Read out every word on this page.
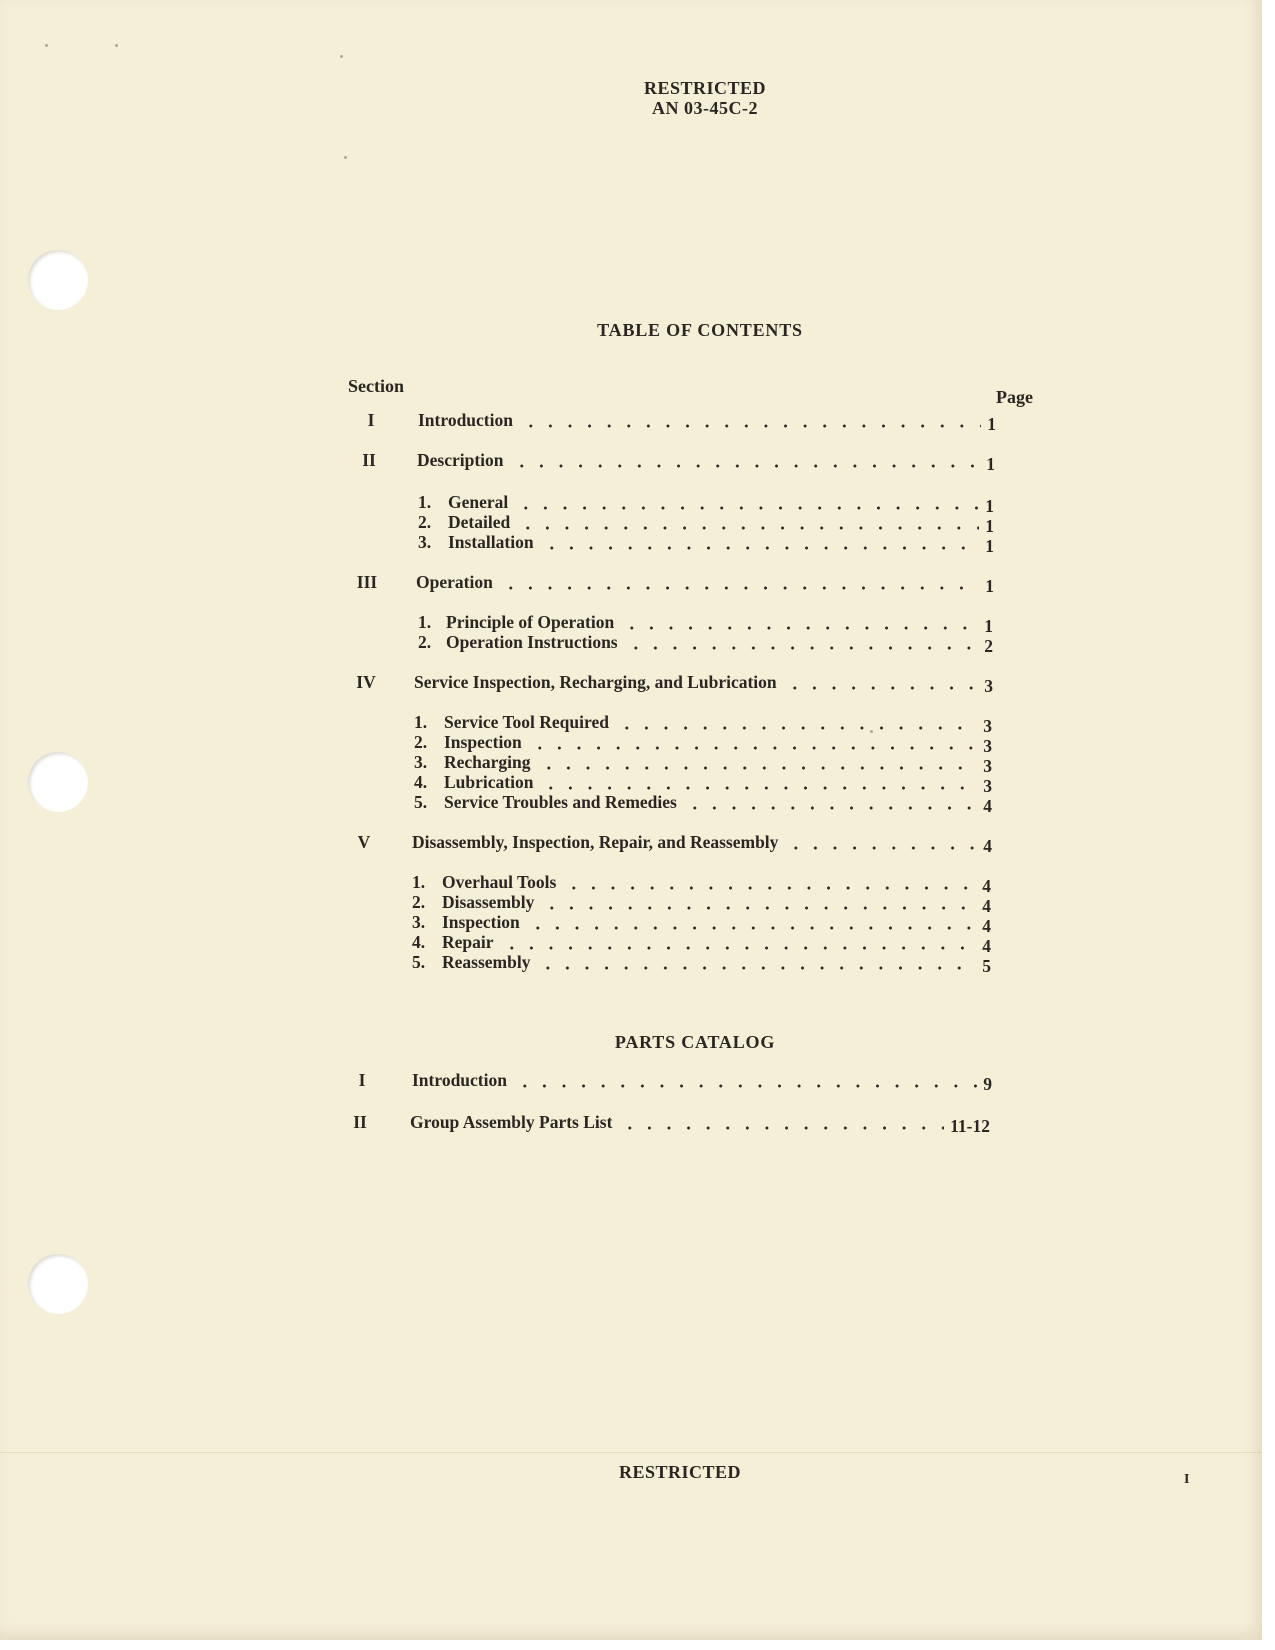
RESTRICTED
AN 03-45C-2
TABLE OF CONTENTS
Section
Page
I	Introduction	1
II	Description	1
1. General	1
2. Detailed	1
3. Installation	1
III	Operation	1
1. Principle of Operation	1
2. Operation Instructions	2
IV	Service Inspection, Recharging, and Lubrication	3
1. Service Tool Required	3
2. Inspection	3
3. Recharging	3
4. Lubrication	3
5. Service Troubles and Remedies	4
V	Disassembly, Inspection, Repair, and Reassembly	4
1. Overhaul Tools	4
2. Disassembly	4
3. Inspection	4
4. Repair	4
5. Reassembly	5
PARTS CATALOG
I	Introduction	9
II	Group Assembly Parts List	11-12
RESTRICTED	I
